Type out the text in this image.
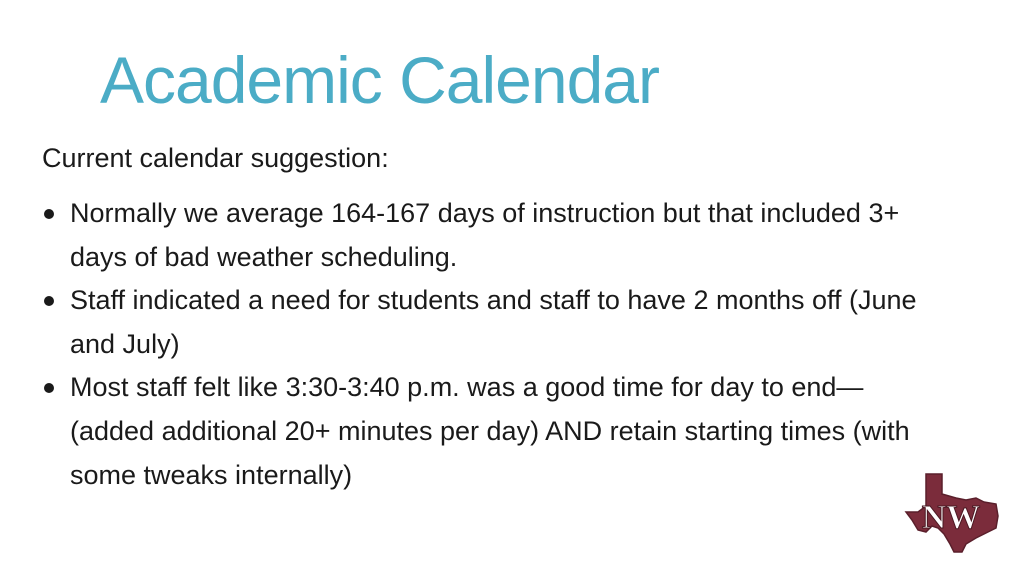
Academic Calendar
Current calendar suggestion:
Normally we average 164-167 days of instruction but that included 3+ days of bad weather scheduling.
Staff indicated a need for students and staff to have 2 months off (June and July)
Most staff felt like 3:30-3:40 p.m. was a good time for day to end—(added additional 20+ minutes per day) AND retain starting times (with some tweaks internally)
NW
